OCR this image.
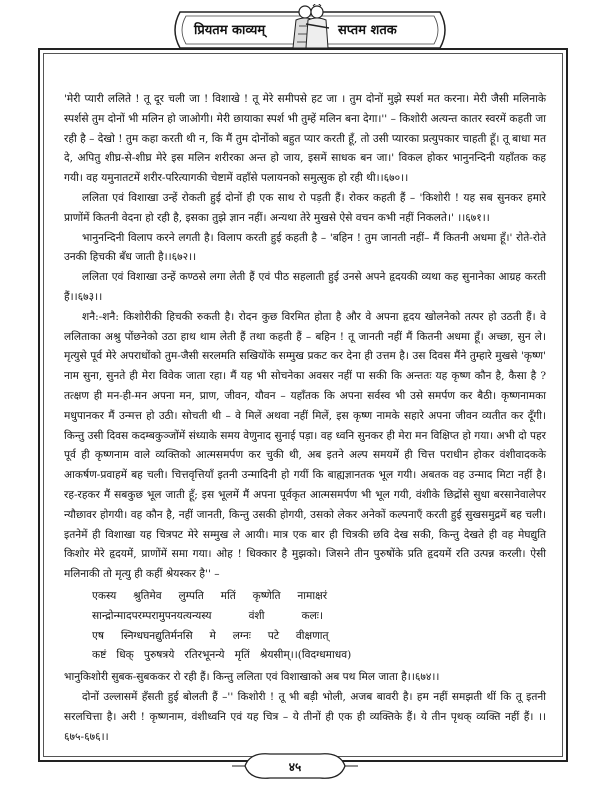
प्रियतम काव्यम्	सप्तम शतक

'मेरी प्यारी ललिते ! तू दूर चली जा ! विशाखे ! तू मेरे समीपसे हट जा । तुम दोनों मुझे स्पर्श मत करना। मेरी जैसी मलिनाके स्पर्शसे तुम दोनों भी मलिन हो जाओगी। मेरी छायाका स्पर्श भी तुम्हें मलिन बना देगा।'' – किशोरी अत्यन्त कातर स्वरमें कहती जा रही है – देखो ! तुम कहा करती थी न, कि मैं तुम दोनोंको बहुत प्यार करती हूँ, तो उसी प्यारका प्रत्युपकार चाहती हूँ। तू बाधा मत दे, अपितु शीघ्र-से-शीघ्र मेरे इस मलिन शरीरका अन्त हो जाय, इसमें साधक बन जा।' विकल होकर भानुनन्दिनी यहाँतक कह गयी। वह यमुनातटमें शरीर-परित्यागकी चेष्टामें वहाँसे पलायनको समुत्सुक हो रही थी।।६७०।।

ललिता एवं विशाखा उन्हें रोकती हुई दोनों ही एक साथ रो पड़ती हैं। रोकर कहती हैं – 'किशोरी ! यह सब सुनकर हमारे प्राणोंमें कितनी वेदना हो रही है, इसका तुझे ज्ञान नहीं। अन्यथा तेरे मुखसे ऐसे वचन कभी नहीं निकलते।' ।।६७१।।

भानुनन्दिनी विलाप करने लगती है। विलाप करती हुई कहती है – 'बहिन ! तुम जानती नहीं– मैं कितनी अधमा हूँ।' रोते-रोते उनकी हिचकी बँध जाती है।।६७२।।

ललिता एवं विशाखा उन्हें कण्ठसे लगा लेती हैं एवं पीठ सहलाती हुई उनसे अपने हृदयकी व्यथा कह सुनानेका आग्रह करती हैं।।६७३।।

शनै:-शनै: किशोरीकी हिचकी रुकती है। रोदन कुछ विरमित होता है और वे अपना हृदय खोलनेको तत्पर हो उठती हैं। वे ललिताका अश्रु पोंछनेको उठा हाथ थाम लेती हैं तथा कहती हैं – बहिन ! तू जानती नहीं मैं कितनी अधमा हूँ। अच्छा, सुन ले। मृत्युसे पूर्व मेरे अपराधोंको तुम-जैसी सरलमति सखियोंके सम्मुख प्रकट कर देना ही उत्तम है। उस दिवस मैंने तुम्हारे मुखसे 'कृष्ण' नाम सुना, सुनते ही मेरा विवेक जाता रहा। मैं यह भी सोचनेका अवसर नहीं पा सकी कि अन्ततः यह कृष्ण कौन है, कैसा है ? तत्क्षण ही मन-ही-मन अपना मन, प्राण, जीवन, यौवन – यहाँतक कि अपना सर्वस्व भी उसे समर्पण कर बैठी। कृष्णनामका मधुपानकर मैं उन्मत्त हो उठी। सोचती थी – वे मिलें अथवा नहीं मिलें, इस कृष्ण नामके सहारे अपना जीवन व्यतीत कर दूँगी। किन्तु उसी दिवस कदम्बकुञ्जोंमें संध्याके समय वेणुनाद सुनाई पड़ा। वह ध्वनि सुनकर ही मेरा मन विक्षिप्त हो गया। अभी दो पहर पूर्व ही कृष्णनाम वाले व्यक्तिको आत्मसमर्पण कर चुकी थी, अब इतने अल्प समयमें ही चित्त पराधीन होकर वंशीवादकके आकर्षण-प्रवाहमें बह चली। चित्तवृत्तियाँ इतनी उन्मादिनी हो गयीं कि बाह्यज्ञानतक भूल गयी। अबतक वह उन्माद मिटा नहीं है। रह-रहकर मैं सबकुछ भूल जाती हूँ; इस भूलमें मैं अपना पूर्वकृत आत्मसमर्पण भी भूल गयी, वंशीके छिद्रोंसे सुधा बरसानेवालेपर न्यौछावर होगयी। वह कौन है, नहीं जानती, किन्तु उसकी होगयी, उसको लेकर अनेकों कल्पनाएँ करती हुई सुखसमुद्रमें बह चली। इतनेमें ही विशाखा यह चित्रपट मेरे सम्मुख ले आयी। मात्र एक बार ही चित्रकी छवि देख सकी, किन्तु देखते ही वह मेघद्युति किशोर मेरे हृदयमें, प्राणोंमें समा गया। ओह ! धिक्कार है मुझको। जिसने तीन पुरुषोंके प्रति हृदयमें रति उत्पन्न करली। ऐसी मलिनाकी तो मृत्यु ही कहीं श्रेयस्कर है'' –

एकस्य     श्रुतिमेव     लुम्पति     मतिं     कृष्णेति     नामाक्षरं
सान्द्रोन्मादपरम्परामुपनयत्यन्यस्य           वंशी           कलः।
एष     स्निग्धघनद्युतिर्मनसि     मे     लग्नः     पटे     वीक्षणात्
कष्टं   धिक्   पुरुषत्रये   रतिरभूनन्ये   मृतिं   श्रेयसीम्।।(विदग्धमाधव)

भानुकिशोरी सुबक-सुबककर रो रही हैं। किन्तु ललिता एवं विशाखाको अब पथ मिल जाता है।।६७४।।

दोनों उल्लासमें हँसती हुई बोलती हैं –'' किशोरी ! तू भी बड़ी भोली, अजब बावरी है। हम नहीं समझती थीं कि तू इतनी सरलचित्ता है। अरी ! कृष्णनाम, वंशीध्वनि एवं यह चित्र – ये तीनों ही एक ही व्यक्तिके हैं। ये तीन पृथक् व्यक्ति नहीं हैं। ।।६७५-६७६।।

४५
